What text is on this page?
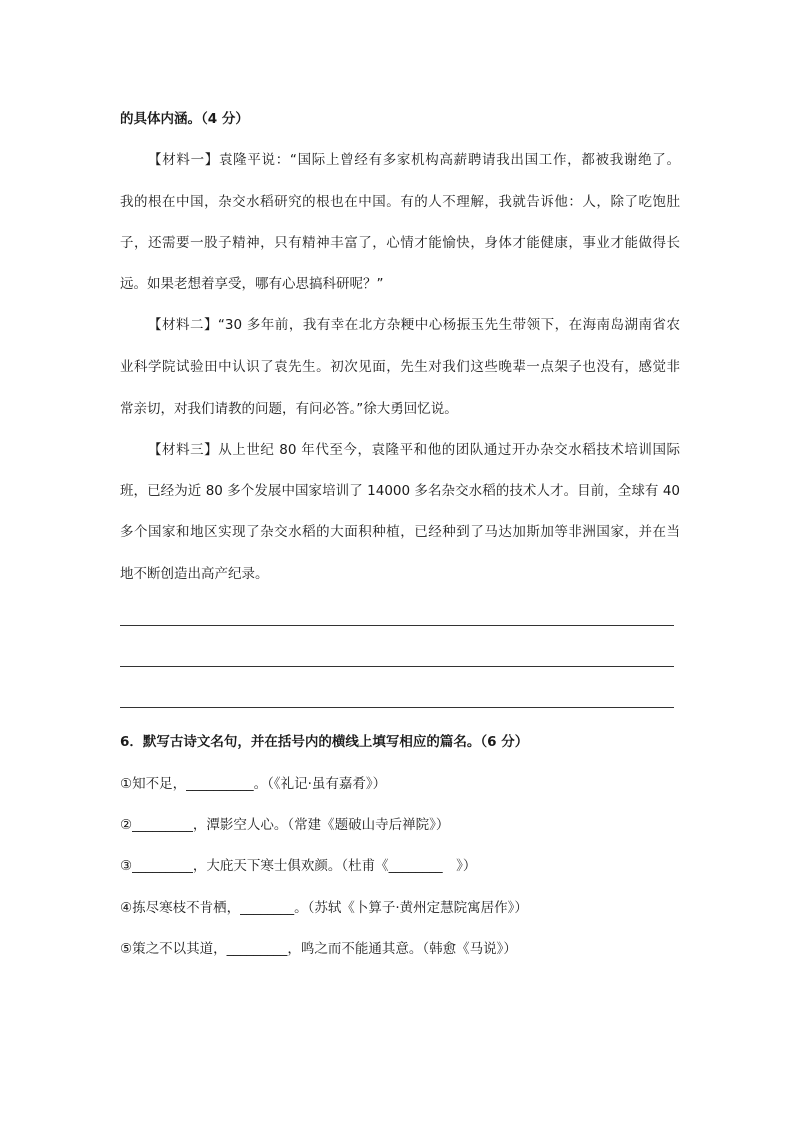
的具体内涵。（4 分）
【材料一】袁隆平说：“国际上曾经有多家机构高薪聘请我出国工作，都被我谢绝了。
我的根在中国，杂交水稻研究的根也在中国。有的人不理解，我就告诉他：人，除了吃饱肚
子，还需要一股子精神，只有精神丰富了，心情才能愉快，身体才能健康，事业才能做得长
远。如果老想着享受，哪有心思搞科研呢？”
【材料二】“30 多年前，我有幸在北方杂粳中心杨振玉先生带领下，在海南岛湖南省农
业科学院试验田中认识了袁先生。初次见面，先生对我们这些晚辈一点架子也没有，感觉非
常亲切，对我们请教的问题，有问必答。”徐大勇回忆说。
【材料三】从上世纪 80 年代至今，袁隆平和他的团队通过开办杂交水稻技术培训国际
班，已经为近 80 多个发展中国家培训了 14000 多名杂交水稻的技术人才。目前，全球有 40
多个国家和地区实现了杂交水稻的大面积种植，已经种到了马达加斯加等非洲国家，并在当
地不断创造出高产纪录。
6．默写古诗文名句，并在括号内的横线上填写相应的篇名。（6 分）
①知不足，__________。（《礼记·虽有嘉肴》）
②_________，潭影空人心。（常建《题破山寺后禅院》）
③_________，大庇天下寒士俱欢颜。（杜甫《________　》）
④拣尽寒枝不肯栖，________。（苏轼《卜算子·黄州定慧院寓居作》）
⑤策之不以其道，_________，鸣之而不能通其意。（韩愈《马说》）
